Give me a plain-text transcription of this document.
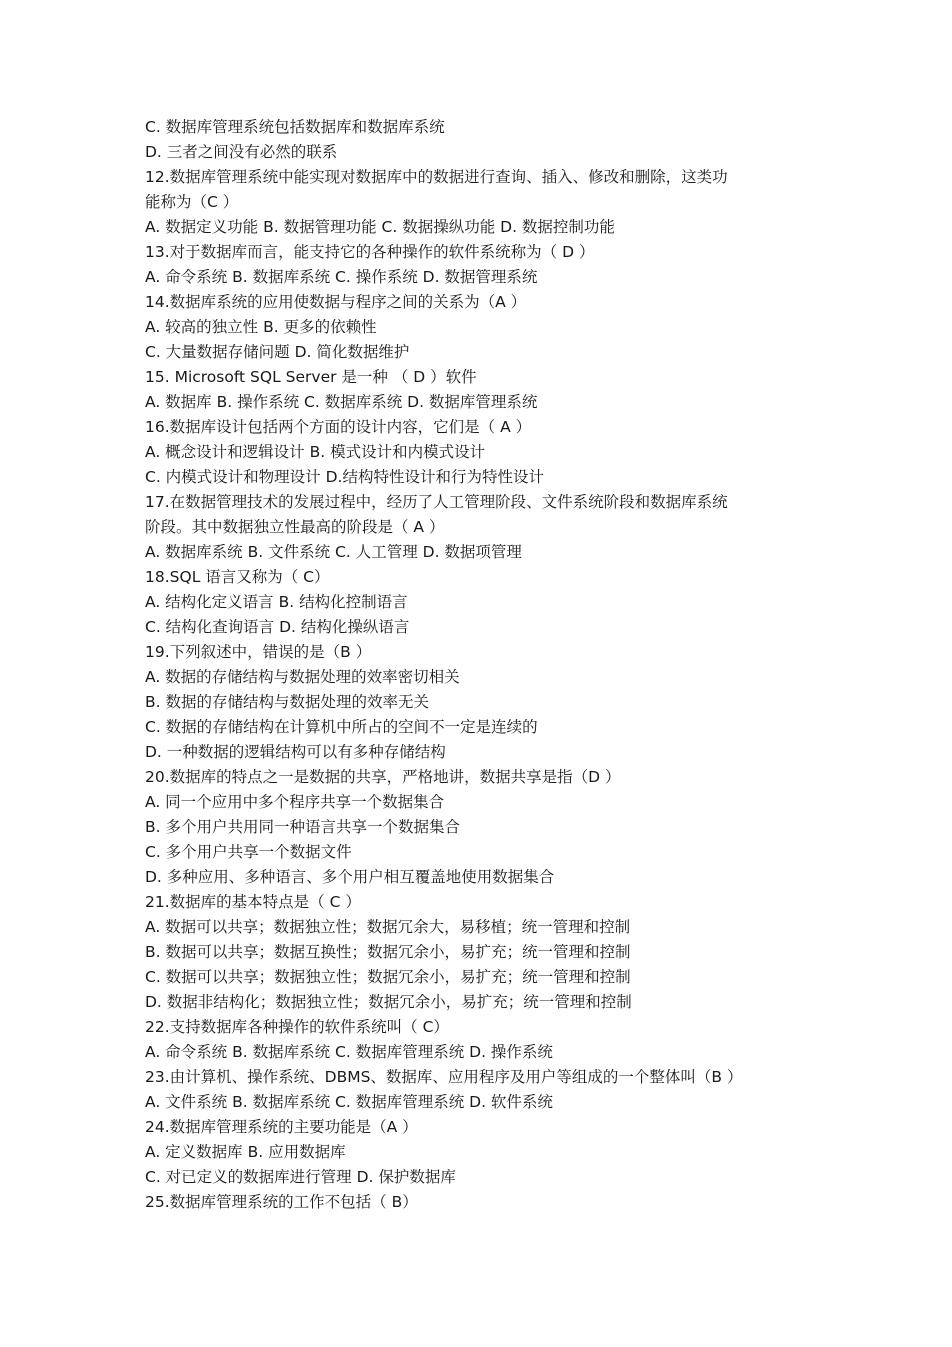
C. 数据库管理系统包括数据库和数据库系统
D. 三者之间没有必然的联系
12.数据库管理系统中能实现对数据库中的数据进行查询、插入、修改和删除，这类功
能称为（C ）
A. 数据定义功能 B. 数据管理功能 C. 数据操纵功能 D. 数据控制功能
13.对于数据库而言，能支持它的各种操作的软件系统称为（ D ）
A. 命令系统 B. 数据库系统 C. 操作系统 D. 数据管理系统
14.数据库系统的应用使数据与程序之间的关系为（A ）
A. 较高的独立性 B. 更多的依赖性
C. 大量数据存储问题 D. 简化数据维护
15. Microsoft SQL Server 是一种 （ D ）软件
A. 数据库 B. 操作系统 C. 数据库系统 D. 数据库管理系统
16.数据库设计包括两个方面的设计内容，它们是（ A ）
A. 概念设计和逻辑设计 B. 模式设计和内模式设计
C. 内模式设计和物理设计 D.结构特性设计和行为特性设计
17.在数据管理技术的发展过程中，经历了人工管理阶段、文件系统阶段和数据库系统
阶段。其中数据独立性最高的阶段是（ A ）
A. 数据库系统 B. 文件系统 C. 人工管理 D. 数据项管理
18.SQL 语言又称为（ C）
A. 结构化定义语言 B. 结构化控制语言
C. 结构化查询语言 D. 结构化操纵语言
19.下列叙述中，错误的是（B ）
A. 数据的存储结构与数据处理的效率密切相关
B. 数据的存储结构与数据处理的效率无关
C. 数据的存储结构在计算机中所占的空间不一定是连续的
D. 一种数据的逻辑结构可以有多种存储结构
20.数据库的特点之一是数据的共享，严格地讲，数据共享是指（D ）
A. 同一个应用中多个程序共享一个数据集合
B. 多个用户共用同一种语言共享一个数据集合
C. 多个用户共享一个数据文件
D. 多种应用、多种语言、多个用户相互覆盖地使用数据集合
21.数据库的基本特点是（ C ）
A. 数据可以共享；数据独立性；数据冗余大，易移植；统一管理和控制
B. 数据可以共享；数据互换性；数据冗余小，易扩充；统一管理和控制
C. 数据可以共享；数据独立性；数据冗余小，易扩充；统一管理和控制
D. 数据非结构化；数据独立性；数据冗余小，易扩充；统一管理和控制
22.支持数据库各种操作的软件系统叫（ C）
A. 命令系统 B. 数据库系统 C. 数据库管理系统 D. 操作系统
23.由计算机、操作系统、DBMS、数据库、应用程序及用户等组成的一个整体叫（B ）
A. 文件系统 B. 数据库系统 C. 数据库管理系统 D. 软件系统
24.数据库管理系统的主要功能是（A ）
A. 定义数据库 B. 应用数据库
C. 对已定义的数据库进行管理 D. 保护数据库
25.数据库管理系统的工作不包括（ B）
